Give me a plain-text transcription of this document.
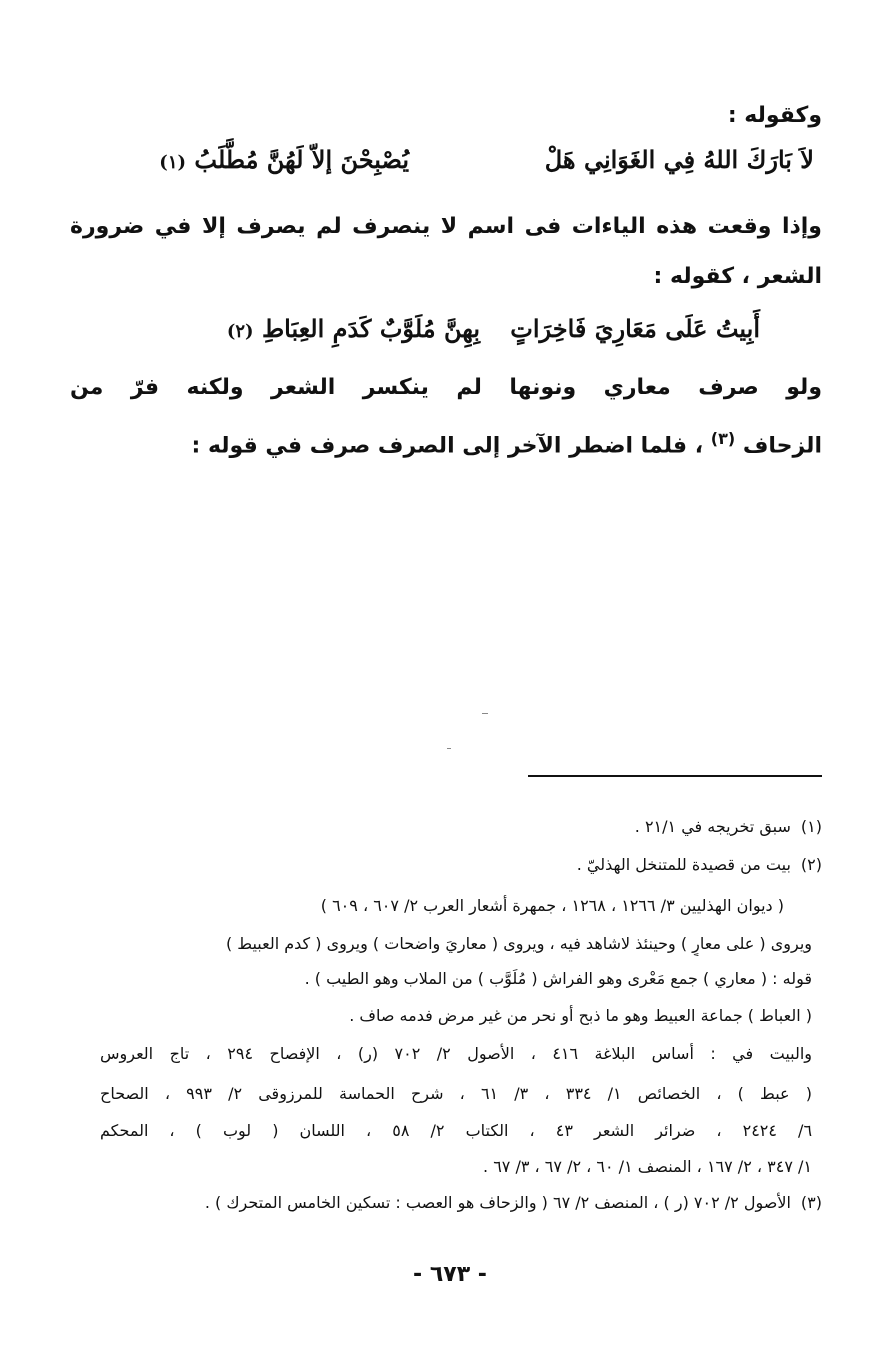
وكقوله :
لاَ بَارَكَ اللهُ فِي الغَوَانِي هَلْ
يُصْبِحْنَ إلاّ لَهُنَّ مُطَّلَبُ (١)
وإذا وقعت هذه الياءات فى اسم لا ينصرف لم يصرف إلا في ضرورة
الشعر ، كقوله :
أَبِيتُ عَلَى مَعَارِيَ فَاخِرَاتٍ
بِهِنَّ مُلَوَّبٌ كَدَمِ العِبَاطِ (٢)
ولو صرف معاري ونونها لم ينكسر الشعر ولكنه فرّ من
الزحاف $^{(٣)}$ ، فلما اضطر الآخر إلى الصرف صرف في قوله :
(١)سبق تخريجه في ٢١/١ .
(٢)بيت من قصيدة للمتنخل الهذليّ .
( ديوان الهذليين ٣/ ١٢٦٦ ، ١٢٦٨ ، جمهرة أشعار العرب ٢/ ٦٠٧ ، ٦٠٩ )
ويروى ( على معارٍ ) وحينئذ لاشاهد فيه ، ويروى ( معاريَ واضحات ) ويروى ( كدم العبيط )
قوله : ( معاري ) جمع مَعْرى وهو الفراش ( مُلَوَّب ) من الملاب وهو الطيب ) .
( العباط ) جماعة العبيط وهو ما ذبح أو نحر من غير مرض فدمه صاف .
والبيت في : أساس البلاغة ٤١٦ ، الأصول ٢/ ٧٠٢ (ر) ، الإفصاح ٢٩٤ ، تاج العروس
( عبط ) ، الخصائص ١/ ٣٣٤ ، ٣/ ٦١ ، شرح الحماسة للمرزوقى ٢/ ٩٩٣ ، الصحاح
٦/ ٢٤٢٤ ، ضرائر الشعر ٤٣ ، الكتاب ٢/ ٥٨ ، اللسان ( لوب ) ، المحكم
١/ ٣٤٧ ، ٢/ ١٦٧ ، المنصف ١/ ٦٠ ، ٢/ ٦٧ ، ٣/ ٦٧ .
(٣)الأصول ٢/ ٧٠٢ (ر ) ، المنصف ٢/ ٦٧ ( والزحاف هو العصب : تسكين الخامس المتحرك ) .
- ٦٧٣ -
